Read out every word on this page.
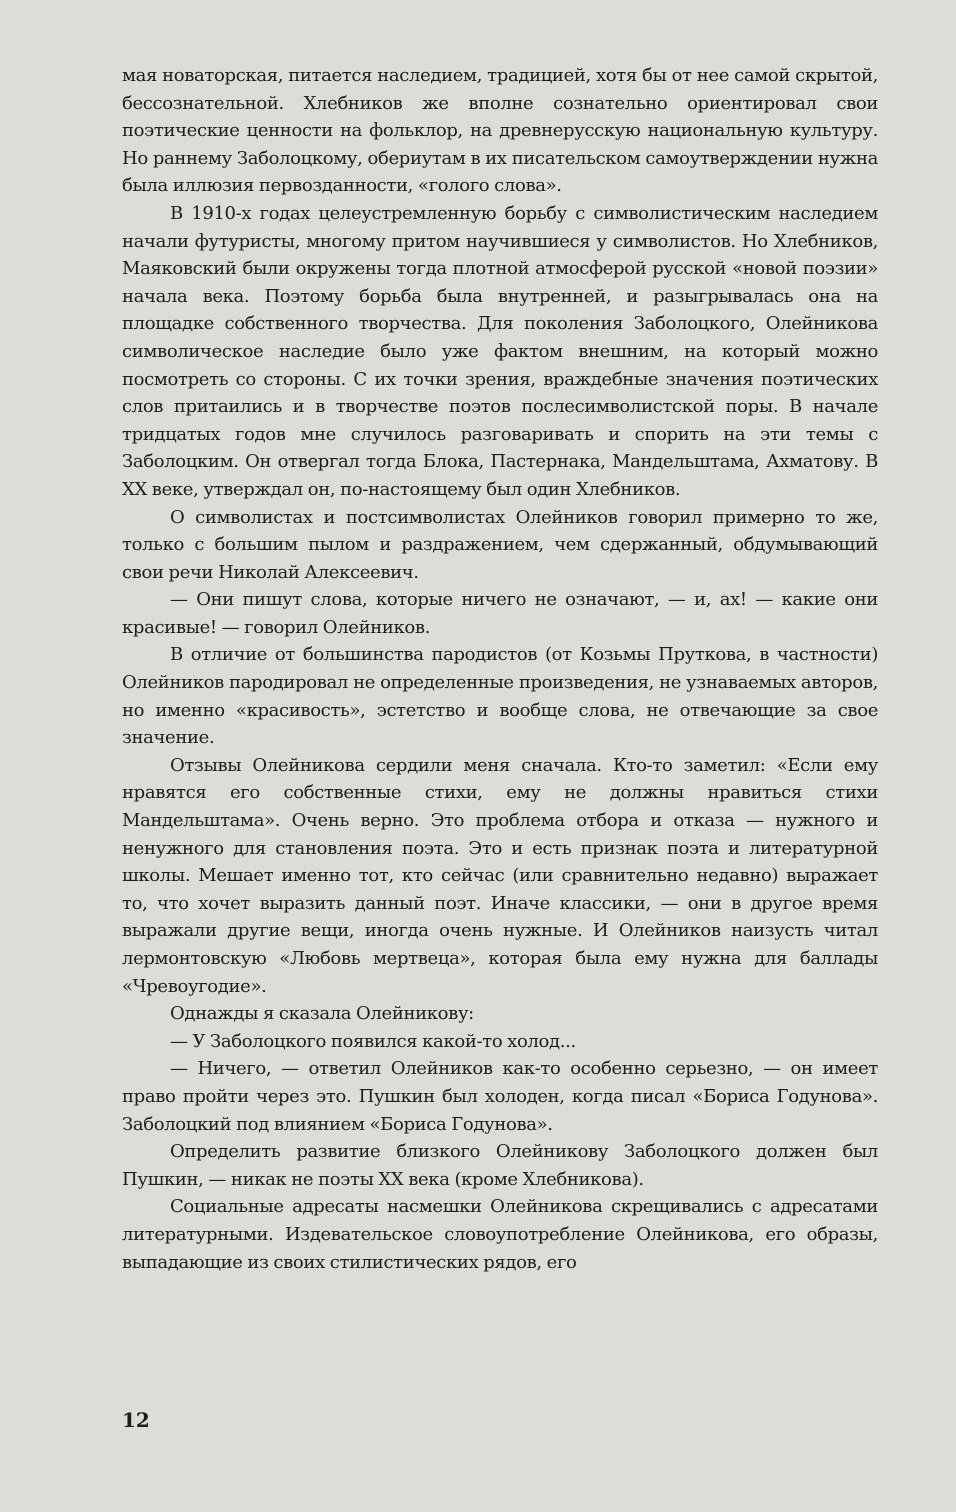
мая новаторская, питается наследием, традицией, хотя бы от нее самой скрытой, бессознательной. Хлебников же вполне сознательно ориентировал свои поэтические ценности на фольклор, на древнерусскую национальную культуру. Но раннему Заболоцкому, обериутам в их писательском самоутверждении нужна была иллюзия первозданности, «голого слова».

В 1910-х годах целеустремленную борьбу с символистическим наследием начали футуристы, многому притом научившиеся у символистов. Но Хлебников, Маяковский были окружены тогда плотной атмосферой русской «новой поэзии» начала века. Поэтому борьба была внутренней, и разыгрывалась она на площадке собственного творчества. Для поколения Заболоцкого, Олейникова символическое наследие было уже фактом внешним, на который можно посмотреть со стороны. С их точки зрения, враждебные значения поэтических слов притаились и в творчестве поэтов послесимволистской поры. В начале тридцатых годов мне случилось разговаривать и спорить на эти темы с Заболоцким. Он отвергал тогда Блока, Пастернака, Мандельштама, Ахматову. В XX веке, утверждал он, по-настоящему был один Хлебников.

О символистах и постсимволистах Олейников говорил примерно то же, только с большим пылом и раздражением, чем сдержанный, обдумывающий свои речи Николай Алексеевич.

— Они пишут слова, которые ничего не означают, — и, ах! — какие они красивые! — говорил Олейников.

В отличие от большинства пародистов (от Козьмы Пруткова, в частности) Олейников пародировал не определенные произведения, не узнаваемых авторов, но именно «красивость», эстетство и вообще слова, не отвечающие за свое значение.

Отзывы Олейникова сердили меня сначала. Кто-то заметил: «Если ему нравятся его собственные стихи, ему не должны нравиться стихи Мандельштама». Очень верно. Это проблема отбора и отказа — нужного и ненужного для становления поэта. Это и есть признак поэта и литературной школы. Мешает именно тот, кто сейчас (или сравнительно недавно) выражает то, что хочет выразить данный поэт. Иначе классики, — они в другое время выражали другие вещи, иногда очень нужные. И Олейников наизусть читал лермонтовскую «Любовь мертвеца», которая была ему нужна для баллады «Чревоугодие».

Однажды я сказала Олейникову:

— У Заболоцкого появился какой-то холод...

— Ничего, — ответил Олейников как-то особенно серьезно, — он имеет право пройти через это. Пушкин был холоден, когда писал «Бориса Годунова». Заболоцкий под влиянием «Бориса Годунова».

Определить развитие близкого Олейникову Заболоцкого должен был Пушкин, — никак не поэты XX века (кроме Хлебникова).

Социальные адресаты насмешки Олейникова скрещивались с адресатами литературными. Издевательское словоупотребление Олейникова, его образы, выпадающие из своих стилистических рядов, его

12
